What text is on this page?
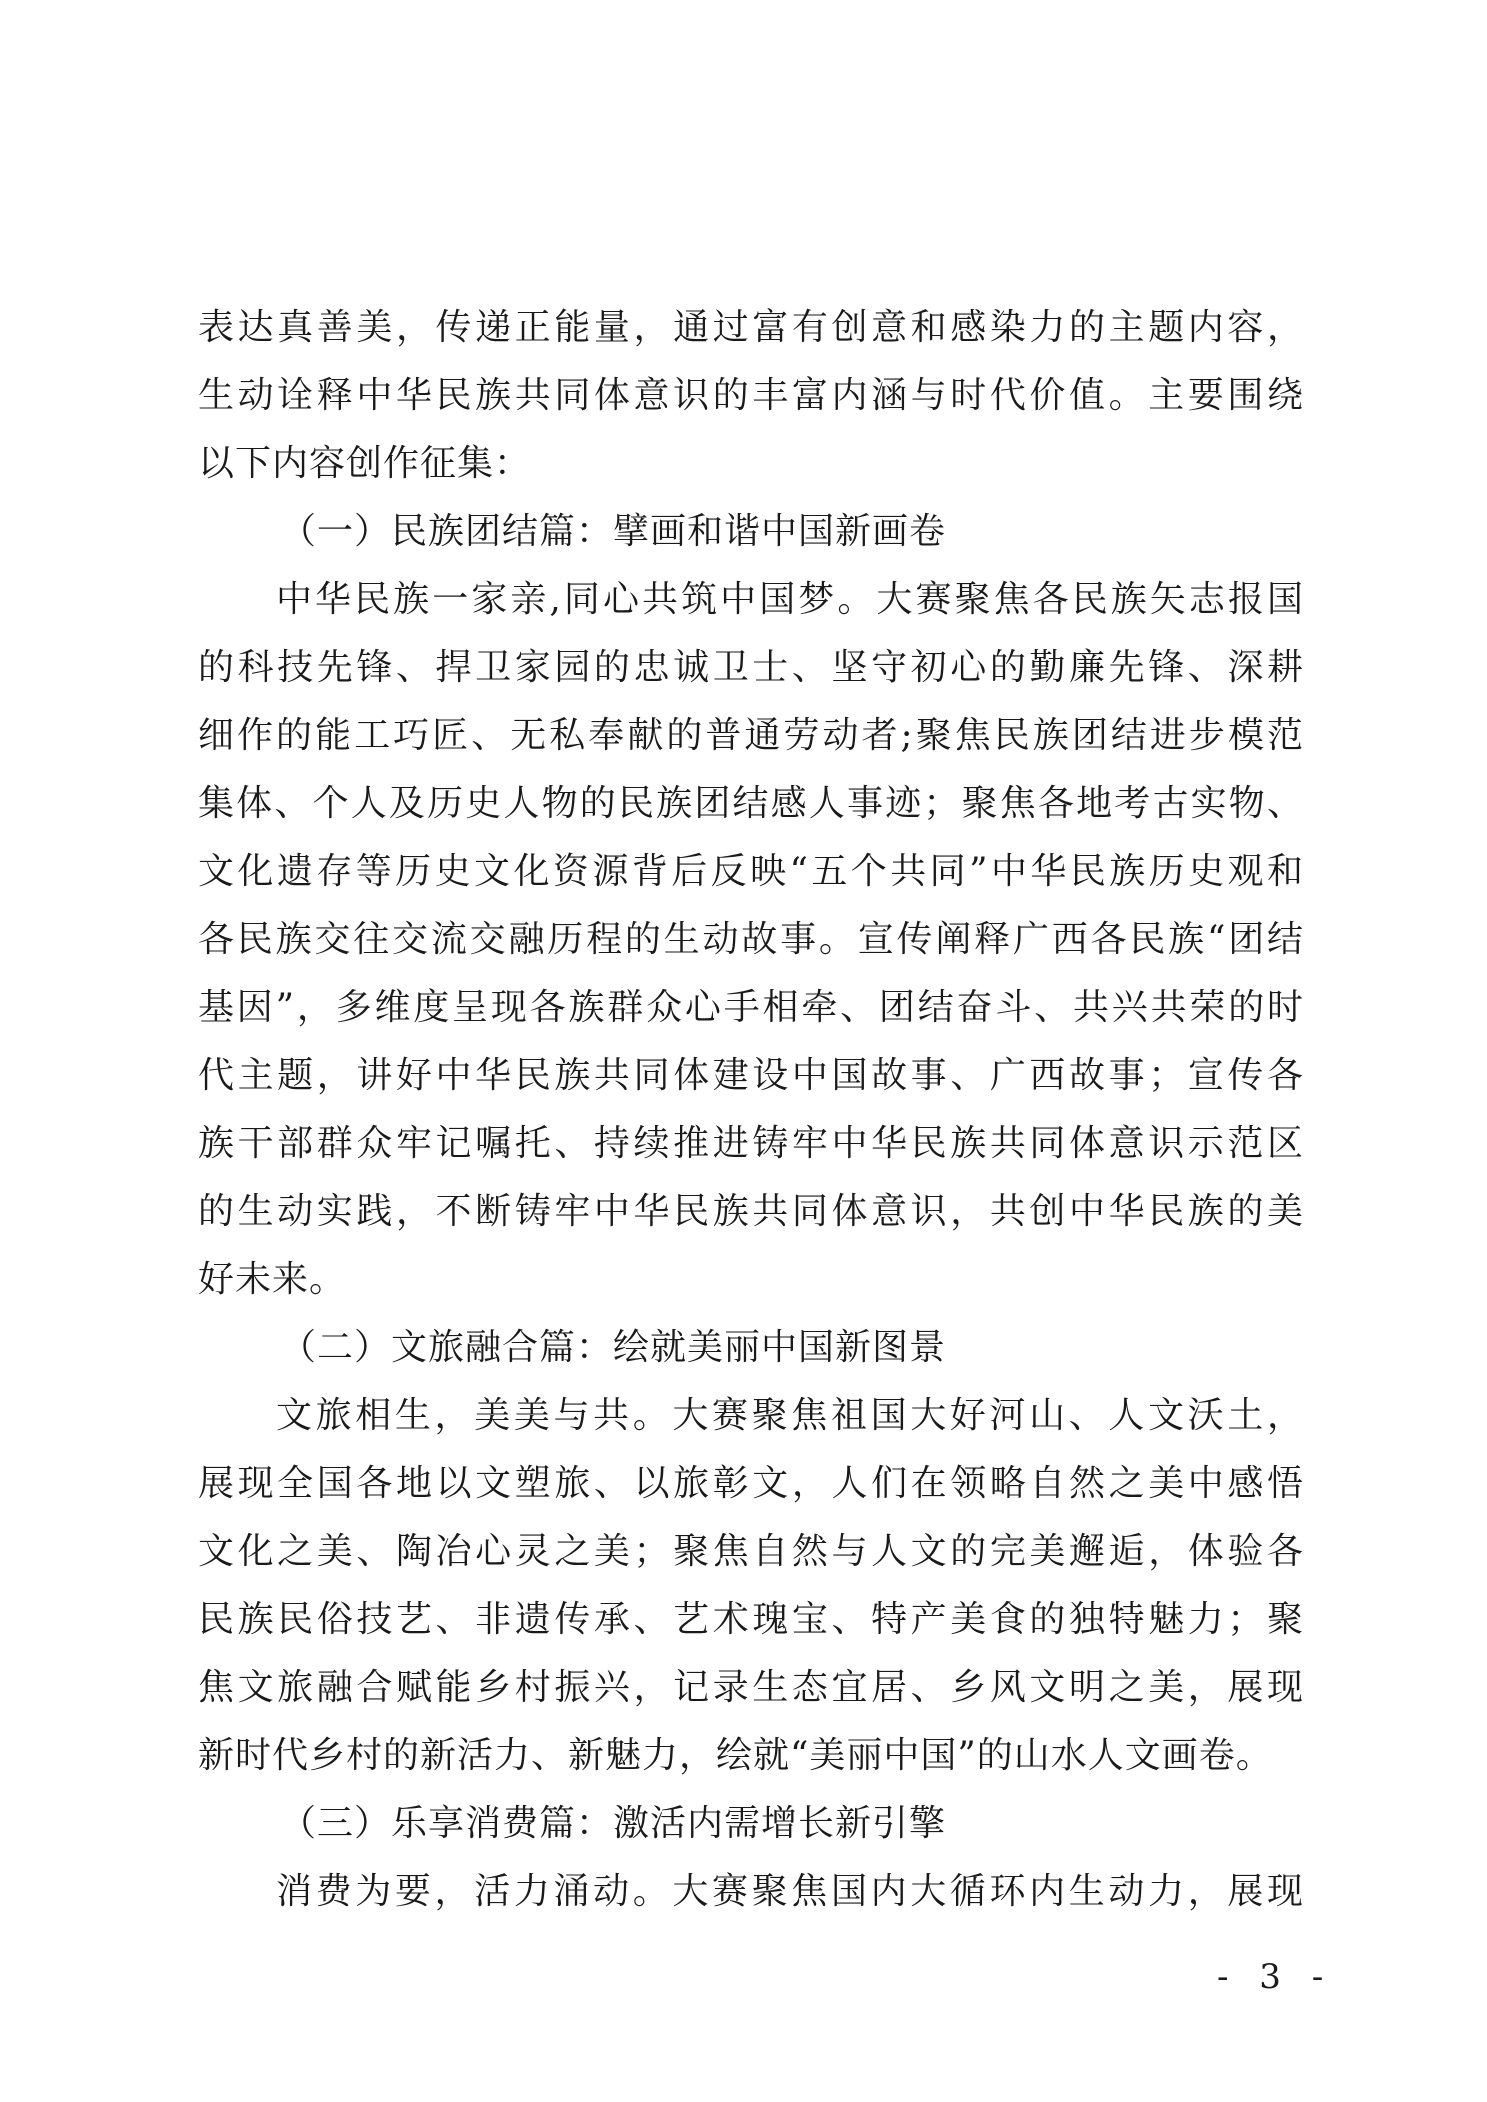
表达真善美，传递正能量，通过富有创意和感染力的主题内容，
生动诠释中华民族共同体意识的丰富内涵与时代价值。主要围绕
以下内容创作征集：
（一）民族团结篇：擘画和谐中国新画卷
中华民族一家亲,同心共筑中国梦。大赛聚焦各民族矢志报国
的科技先锋、捍卫家园的忠诚卫士、坚守初心的勤廉先锋、深耕
细作的能工巧匠、无私奉献的普通劳动者;聚焦民族团结进步模范
集体、个人及历史人物的民族团结感人事迹；聚焦各地考古实物、
文化遗存等历史文化资源背后反映“五个共同”中华民族历史观和
各民族交往交流交融历程的生动故事。宣传阐释广西各民族“团结
基因”，多维度呈现各族群众心手相牵、团结奋斗、共兴共荣的时
代主题，讲好中华民族共同体建设中国故事、广西故事；宣传各
族干部群众牢记嘱托、持续推进铸牢中华民族共同体意识示范区
的生动实践，不断铸牢中华民族共同体意识，共创中华民族的美
好未来。
（二）文旅融合篇：绘就美丽中国新图景
文旅相生，美美与共。大赛聚焦祖国大好河山、人文沃土，
展现全国各地以文塑旅、以旅彰文，人们在领略自然之美中感悟
文化之美、陶冶心灵之美；聚焦自然与人文的完美邂逅，体验各
民族民俗技艺、非遗传承、艺术瑰宝、特产美食的独特魅力；聚
焦文旅融合赋能乡村振兴，记录生态宜居、乡风文明之美，展现
新时代乡村的新活力、新魅力，绘就“美丽中国”的山水人文画卷。
（三）乐享消费篇：激活内需增长新引擎
消费为要，活力涌动。大赛聚焦国内大循环内生动力，展现
- 3 -
